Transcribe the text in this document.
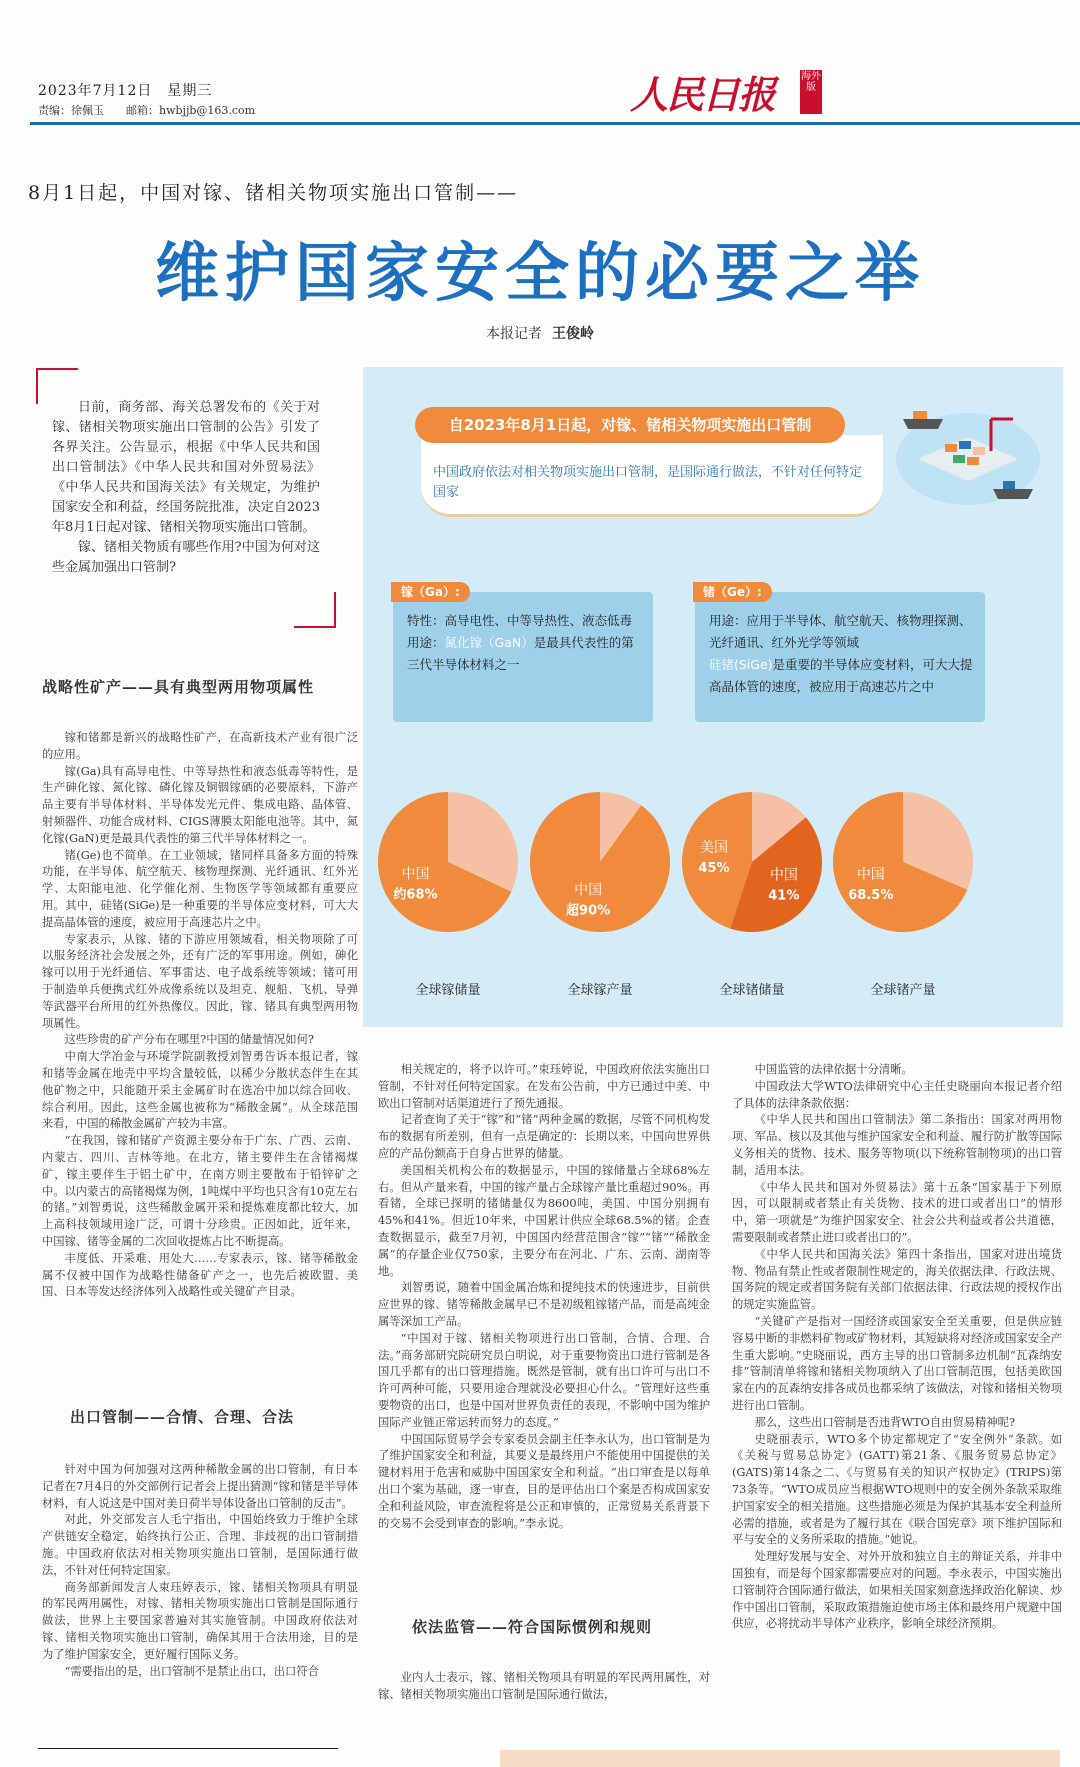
2023年7月12日　星期三
责编：徐佩玉　　邮箱：hwbjjb@163.com	人民日报	海外版
8月1日起，中国对镓、锗相关物项实施出口管制——
维护国家安全的必要之举
本报记者 王俊岭

日前，商务部、海关总署发布的《关于对镓、锗相关物项实施出口管制的公告》引发了各界关注。公告显示，根据《中华人民共和国出口管制法》《中华人民共和国对外贸易法》《中华人民共和国海关法》有关规定，为维护国家安全和利益，经国务院批准，决定自2023年8月1日起对镓、锗相关物项实施出口管制。

镓、锗相关物质有哪些作用?中国为何对这些金属加强出口管制?

战略性矿产——具有典型两用物项属性

镓和锗都是新兴的战略性矿产，在高新技术产业有很广泛的应用。

镓(Ga)具有高导电性、中等导热性和液态低毒等特性，是生产砷化镓、氮化镓、磷化镓及铜铟镓硒的必要原料，下游产品主要有半导体材料、半导体发光元件、集成电路、晶体管、射频器件、功能合成材料、CIGS薄膜太阳能电池等。其中，氮化镓(GaN)更是最具代表性的第三代半导体材料之一。

锗(Ge)也不简单。在工业领域，锗同样具备多方面的特殊功能，在半导体、航空航天、核物理探测、光纤通讯、红外光学、太阳能电池、化学催化剂、生物医学等领域都有重要应用。其中，硅锗(SiGe)是一种重要的半导体应变材料，可大大提高晶体管的速度，被应用于高速芯片之中。

专家表示，从镓、锗的下游应用领域看，相关物项除了可以服务经济社会发展之外，还有广泛的军事用途。例如，砷化镓可以用于光纤通信、军事雷达、电子战系统等领域；锗可用于制造单兵便携式红外成像系统以及坦克、舰船、飞机、导弹等武器平台所用的红外热像仪。因此，镓、锗具有典型两用物项属性。

这些珍贵的矿产分布在哪里?中国的储量情况如何?

中南大学冶金与环境学院副教授刘智勇告诉本报记者，镓和锗等金属在地壳中平均含量较低，以稀少分散状态伴生在其他矿物之中，只能随开采主金属矿时在选冶中加以综合回收、综合利用。因此，这些金属也被称为“稀散金属”。从全球范围来看，中国的稀散金属矿产较为丰富。

“在我国，镓和锗矿产资源主要分布于广东、广西、云南、内蒙古、四川、吉林等地。在北方，锗主要伴生在含锗褐煤矿，镓主要伴生于铝土矿中，在南方则主要散布于铅锌矿之中。以内蒙古的高锗褐煤为例，1吨煤中平均也只含有10克左右的锗。”刘智勇说，这些稀散金属开采和提炼难度都比较大，加上高科技领域用途广泛，可谓十分珍贵。正因如此，近年来，中国镓、锗等金属的二次回收提炼占比不断提高。

丰度低、开采难、用处大……专家表示，镓、锗等稀散金属不仅被中国作为战略性储备矿产之一，也先后被欧盟、美国、日本等发达经济体列入战略性或关键矿产目录。

出口管制——合情、合理、合法

针对中国为何加强对这两种稀散金属的出口管制，有日本记者在7月4日的外交部例行记者会上提出猜测“镓和锗是半导体材料，有人说这是中国对美日荷半导体设备出口管制的反击”。

对此，外交部发言人毛宁指出，中国始终致力于维护全球产供链安全稳定，始终执行公正、合理、非歧视的出口管制措施。中国政府依法对相关物项实施出口管制，是国际通行做法，不针对任何特定国家。

商务部新闻发言人束珏婷表示，镓、锗相关物项具有明显的军民两用属性，对镓、锗相关物项实施出口管制是国际通行做法，世界上主要国家普遍对其实施管制。中国政府依法对镓、锗相关物项实施出口管制，确保其用于合法用途，目的是为了维护国家安全，更好履行国际义务。

“需要指出的是，出口管制不是禁止出口，出口符合

相关规定的，将予以许可。”束珏婷说，中国政府依法实施出口管制，不针对任何特定国家。在发布公告前，中方已通过中美、中欧出口管制对话渠道进行了预先通报。

记者查询了关于“镓”和“锗”两种金属的数据，尽管不同机构发布的数据有所差别，但有一点是确定的：长期以来，中国向世界供应的产品份额高于自身占世界的储量。

美国相关机构公布的数据显示，中国的镓储量占全球68%左右。但从产量来看，中国的镓产量占全球镓产量比重超过90%。再看锗，全球已探明的锗储量仅为8600吨，美国、中国分别拥有45%和41%。但近10年来，中国累计供应全球68.5%的锗。企查查数据显示，截至7月初，中国国内经营范围含“镓”“锗”“稀散金属”的存量企业仅750家，主要分布在河北、广东、云南、湖南等地。

刘智勇说，随着中国金属冶炼和提纯技术的快速进步，目前供应世界的镓、锗等稀散金属早已不是初级粗镓锗产品，而是高纯金属等深加工产品。

“中国对于镓、锗相关物项进行出口管制，合情、合理、合法。”商务部研究院研究员白明说，对于重要物资出口进行管制是各国几乎都有的出口管理措施。既然是管制，就有出口许可与出口不许可两种可能，只要用途合理就没必要担心什么。“管理好这些重要物资的出口，也是中国对世界负责任的表现，不影响中国为维护国际产业链正常运转而努力的态度。”

中国国际贸易学会专家委员会副主任李永认为，出口管制是为了维护国家安全和利益，其要义是最终用户不能使用中国提供的关键材料用于危害和威胁中国国家安全和利益。“出口审查是以每单出口个案为基础，逐一审查，目的是评估出口个案是否构成国家安全和利益风险，审查流程将是公正和审慎的，正常贸易关系背景下的交易不会受到审查的影响。”李永说。

依法监管——符合国际惯例和规则

业内人士表示，镓、锗相关物项具有明显的军民两用属性，对镓、锗相关物项实施出口管制是国际通行做法，

中国监管的法律依据十分清晰。

中国政法大学WTO法律研究中心主任史晓丽向本报记者介绍了具体的法律条款依据：

《中华人民共和国出口管制法》第二条指出：国家对两用物项、军品、核以及其他与维护国家安全和利益、履行防扩散等国际义务相关的货物、技术、服务等物项(以下统称管制物项)的出口管制，适用本法。

《中华人民共和国对外贸易法》第十五条“国家基于下列原因，可以限制或者禁止有关货物、技术的进口或者出口”的情形中，第一项就是“为维护国家安全、社会公共利益或者公共道德，需要限制或者禁止进口或者出口的”。

《中华人民共和国海关法》第四十条指出，国家对进出境货物、物品有禁止性或者限制性规定的，海关依据法律、行政法规、国务院的规定或者国务院有关部门依据法律、行政法规的授权作出的规定实施监管。

“关键矿产是指对一国经济或国家安全至关重要，但是供应链容易中断的非燃料矿物或矿物材料，其短缺将对经济或国家安全产生重大影响。”史晓丽说，西方主导的出口管制多边机制“瓦森纳安排”管制清单将镓和锗相关物项纳入了出口管制范围，包括美欧国家在内的瓦森纳安排各成员也都采纳了该做法，对镓和锗相关物项进行出口管制。

那么，这些出口管制是否违背WTO自由贸易精神呢?

史晓丽表示，WTO多个协定都规定了“安全例外”条款。如《关税与贸易总协定》(GATT)第21条、《服务贸易总协定》(GATS)第14条之二、《与贸易有关的知识产权协定》(TRIPS)第73条等。“WTO成员应当根据WTO规则中的安全例外条款采取维护国家安全的相关措施。这些措施必须是为保护其基本安全利益所必需的措施，或者是为了履行其在《联合国宪章》项下维护国际和平与安全的义务所采取的措施。”她说。

处理好发展与安全、对外开放和独立自主的辩证关系，并非中国独有，而是每个国家都需要应对的问题。李永表示，中国实施出口管制符合国际通行做法，如果相关国家刻意选择政治化解读、炒作中国出口管制，采取政策措施迫使市场主体和最终用户规避中国供应，必将扰动半导体产业秩序，影响全球经济预期。

自2023年8月1日起，对镓、锗相关物项实施出口管制
中国政府依法对相关物项实施出口管制，是国际通行做法，不针对任何特定国家
镓（Ga）:
特性：高导电性、中等导热性、液态低毒
用途：氮化镓（GaN）是最具代表性的第三代半导体材料之一
锗（Ge）:
用途：应用于半导体、航空航天、核物理探测、光纤通讯、红外光学等领域
硅锗(SiGe)是重要的半导体应变材料，可大大提高晶体管的速度，被应用于高速芯片之中
中国
约68%	中国
超90%
美国
45%	中国
41%
中国
68.5%
全球镓储量	全球镓产量	全球锗储量	全球锗产量
